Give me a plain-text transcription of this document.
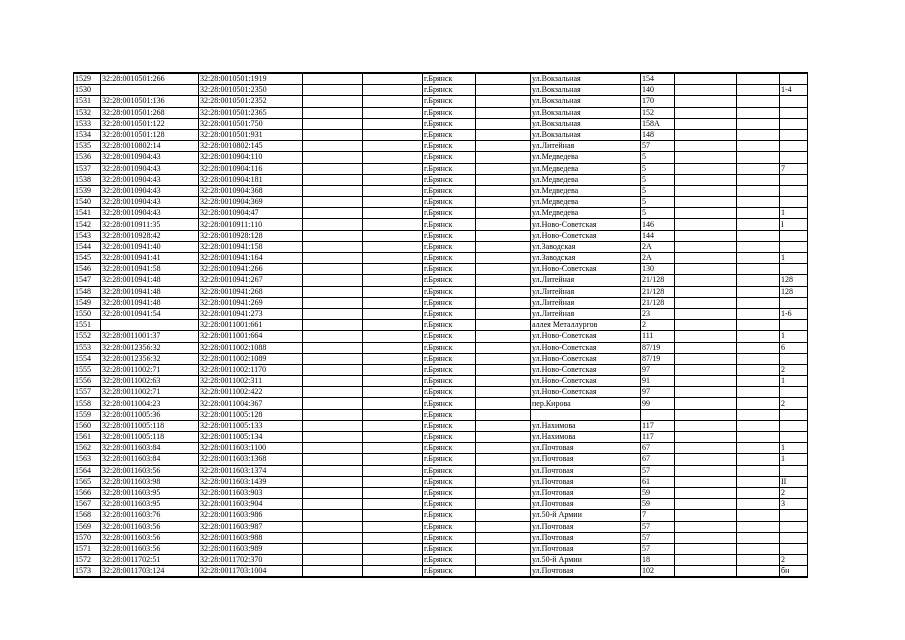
1529	32:28:0010501:266	32:28:0010501:1919			г.Брянск		ул.Вокзальная	154			
1530		32:28:0010501:2350			г.Брянск		ул.Вокзальная	140			1-4
1531	32:28:0010501:136	32:28:0010501:2352			г.Брянск		ул.Вокзальная	170			
1532	32:28:0010501:268	32:28:0010501:2365			г.Брянск		ул.Вокзальная	152			
1533	32:28:0010501:122	32:28:0010501:750			г.Брянск		ул.Вокзальная	158А			
1534	32:28:0010501:128	32:28:0010501:931			г.Брянск		ул.Вокзальная	148			
1535	32:28:0010802:14	32:28:0010802:145			г.Брянск		ул.Литейная	57			
1536	32:28:0010904:43	32:28:0010904:110			г.Брянск		ул.Медведева	5			
1537	32:28:0010904:43	32:28:0010904:116			г.Брянск		ул.Медведева	5			7
1538	32:28:0010904:43	32:28:0010904:181			г.Брянск		ул.Медведева	5			
1539	32:28:0010904:43	32:28:0010904:368			г.Брянск		ул.Медведева	5			
1540	32:28:0010904:43	32:28:0010904:369			г.Брянск		ул.Медведева	5			
1541	32:28:0010904:43	32:28:0010904:47			г.Брянск		ул.Медведева	5			1
1542	32:28:0010911:35	32:28:0010911:110			г.Брянск		ул.Ново-Советская	146			I
1543	32:28:0010928:42	32:28:0010928:128			г.Брянск		ул.Ново-Советская	144			
1544	32:28:0010941:40	32:28:0010941:158			г.Брянск		ул.Заводская	2А			
1545	32:28:0010941:41	32:28:0010941:164			г.Брянск		ул.Заводская	2А			1
1546	32:28:0010941:58	32:28:0010941:266			г.Брянск		ул.Ново-Советская	130			
1547	32:28:0010941:48	32:28:0010941:267			г.Брянск		ул.Литейная	21/128			128
1548	32:28:0010941:48	32:28:0010941:268			г.Брянск		ул.Литейная	21/128			128
1549	32:28:0010941:48	32:28:0010941:269			г.Брянск		ул.Литейная	21/128			
1550	32:28:0010941:54	32:28:0010941:273			г.Брянск		ул.Литейная	23			1-6
1551		32:28:0011001:661			г.Брянск		аллея Металлургов	2			
1552	32:28:0011001:37	32:28:0011001:664			г.Брянск		ул.Ново-Советская	111			1
1553	32:28:0012356:32	32:28:0011002:1088			г.Брянск		ул.Ново-Советская	87/19			6
1554	32:28:0012356:32	32:28:0011002:1089			г.Брянск		ул.Ново-Советская	87/19			
1555	32:28:0011002:71	32:28:0011002:1170			г.Брянск		ул.Ново-Советская	97			2
1556	32:28:0011002:63	32:28:0011002:311			г.Брянск		ул.Ново-Советская	91			1
1557	32:28:0011002:71	32:28:0011002:422			г.Брянск		ул.Ново-Советская	97			
1558	32:28:0011004:23	32:28:0011004:367			г.Брянск		пер.Кирова	99			2
1559	32:28:0011005:36	32:28:0011005:128			г.Брянск						
1560	32:28:0011005:118	32:28:0011005:133			г.Брянск		ул.Нахимова	117			
1561	32:28:0011005:118	32:28:0011005:134			г.Брянск		ул.Нахимова	117			
1562	32:28:0011603:84	32:28:0011603:1100			г.Брянск		ул.Почтовая	67			1
1563	32:28:0011603:84	32:28:0011603:1368			г.Брянск		ул.Почтовая	67			1
1564	32:28:0011603:56	32:28:0011603:1374			г.Брянск		ул.Почтовая	57			
1565	32:28:0011603:98	32:28:0011603:1439			г.Брянск		ул.Почтовая	61			II
1566	32:28:0011603:95	32:28:0011603:903			г.Брянск		ул.Почтовая	59			2
1567	32:28:0011603:95	32:28:0011603:904			г.Брянск		ул.Почтовая	59			3
1568	32:28:0011603:76	32:28:0011603:986			г.Брянск		ул.50-й Армии	7			
1569	32:28:0011603:56	32:28:0011603:987			г.Брянск		ул.Почтовая	57			
1570	32:28:0011603:56	32:28:0011603:988			г.Брянск		ул.Почтовая	57			
1571	32:28:0011603:56	32:28:0011603:989			г.Брянск		ул.Почтовая	57			
1572	32:28:0011702:51	32:28:0011702:370			г.Брянск		ул.50-й Армии	18			2
1573	32:28:0011703:124	32:28:0011703:1004			г.Брянск		ул.Почтовая	102			бн
